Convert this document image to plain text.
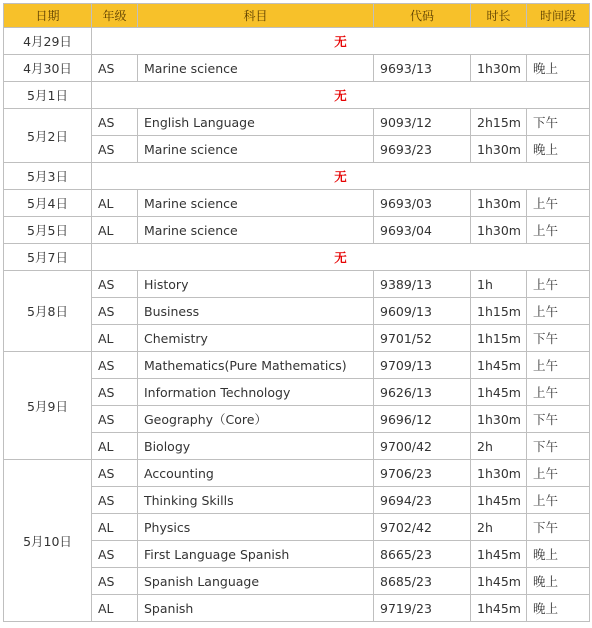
日期	年级	科目	代码	时长	时间段
4月29日	无				
4月30日	AS	Marine science	9693/13	1h30m	晚上
5月1日	无				
5月2日	AS	English Language	9093/12	2h15m	下午
	AS	Marine science	9693/23	1h30m	晚上
5月3日	无				
5月4日	AL	Marine science	9693/03	1h30m	上午
5月5日	AL	Marine science	9693/04	1h30m	上午
5月7日	无				
5月8日	AS	History	9389/13	1h	上午
	AS	Business	9609/13	1h15m	上午
	AL	Chemistry	9701/52	1h15m	下午
5月9日	AS	Mathematics(Pure Mathematics)	9709/13	1h45m	上午
	AS	Information Technology	9626/13	1h45m	上午
	AS	Geography（Core）	9696/12	1h30m	下午
	AL	Biology	9700/42	2h	下午
5月10日	AS	Accounting	9706/23	1h30m	上午
	AS	Thinking Skills	9694/23	1h45m	上午
	AL	Physics	9702/42	2h	下午
	AS	First Language Spanish	8665/23	1h45m	晚上
	AS	Spanish Language	8685/23	1h45m	晚上
	AL	Spanish	9719/23	1h45m	晚上
